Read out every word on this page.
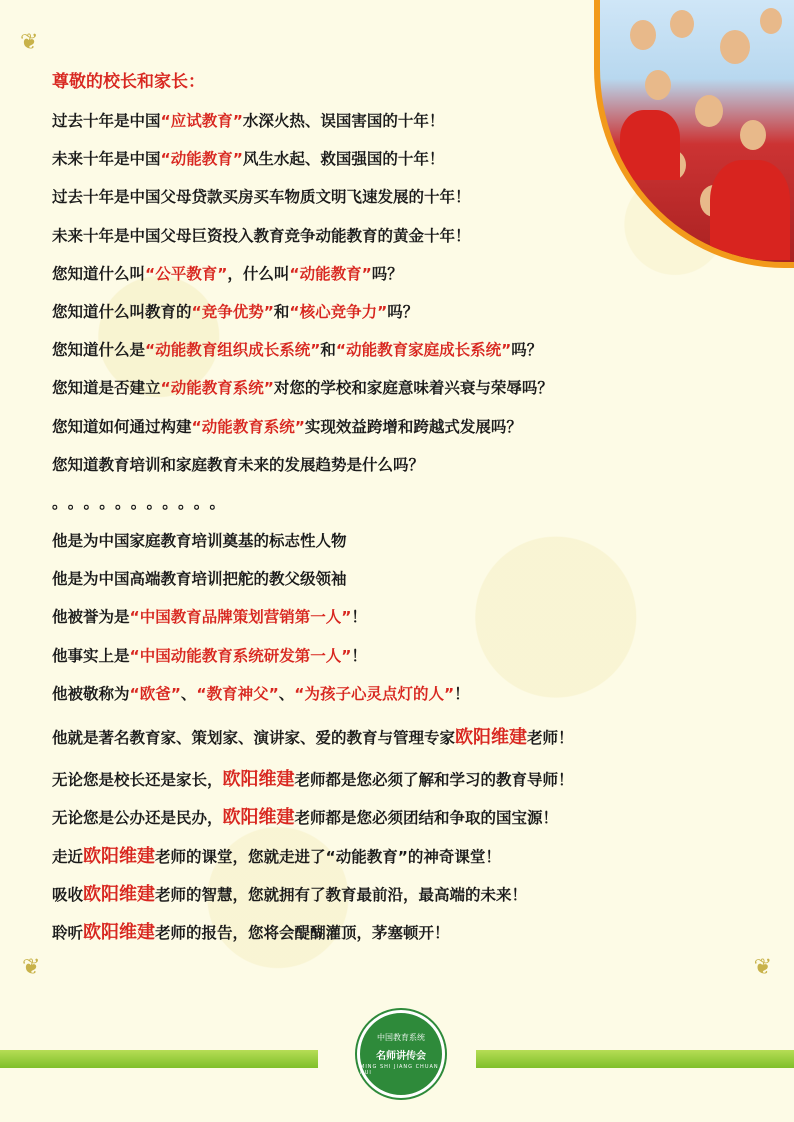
❦
❦	❦
尊敬的校长和家长：
过去十年是中国“应试教育”水深火热、误国害国的十年！
未来十年是中国“动能教育”风生水起、救国强国的十年！
过去十年是中国父母贷款买房买车物质文明飞速发展的十年！
未来十年是中国父母巨资投入教育竞争动能教育的黄金十年！
您知道什么叫“公平教育”，什么叫“动能教育”吗？
您知道什么叫教育的“竞争优势”和“核心竞争力”吗？
您知道什么是“动能教育组织成长系统”和“动能教育家庭成长系统”吗？
您知道是否建立“动能教育系统”对您的学校和家庭意味着兴衰与荣辱吗？
您知道如何通过构建“动能教育系统”实现效益跨增和跨越式发展吗？
您知道教育培训和家庭教育未来的发展趋势是什么吗？
。。。。。。。。。。。
他是为中国家庭教育培训奠基的标志性人物
他是为中国高端教育培训把舵的教父级领袖
他被誉为是“中国教育品牌策划营销第一人”！
他事实上是“中国动能教育系统研发第一人”！
他被敬称为“欧爸”、“教育神父”、“为孩子心灵点灯的人”！
他就是著名教育家、策划家、演讲家、爱的教育与管理专家欧阳维建老师！
无论您是校长还是家长，欧阳维建老师都是您必须了解和学习的教育导师！
无论您是公办还是民办，欧阳维建老师都是您必须团结和争取的国宝源！
走近欧阳维建老师的课堂，您就走进了“动能教育”的神奇课堂！
吸收欧阳维建老师的智慧，您就拥有了教育最前沿，最高端的未来！
聆听欧阳维建老师的报告，您将会醍醐灌顶，茅塞顿开！
中国教育系统
名师讲传会
MING SHI JIANG CHUAN HUI
